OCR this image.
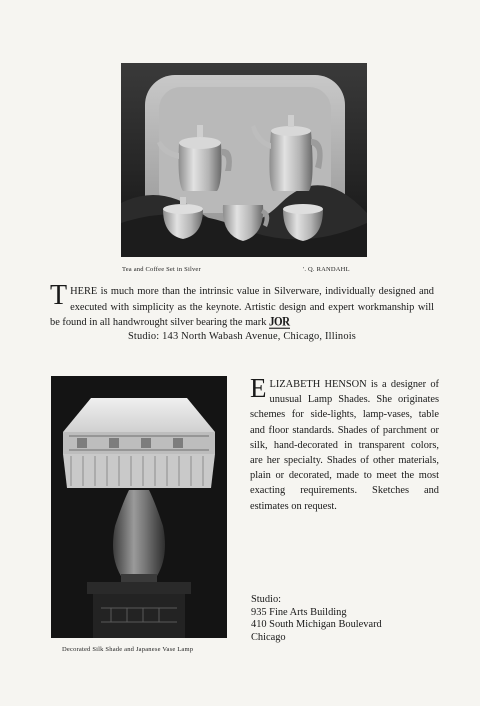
Tea and Coffee Set in Silver	'. Q. RANDAHL
THERE is much more than the intrinsic value in Silverware, individually designed and executed with simplicity as the keynote. Artistic design and expert workmanship will be found in all handwrought silver bearing the mark JOR
Studio: 143 North Wabash Avenue, Chicago, Illinois
Decorated Silk Shade and Japanese Vase Lamp
ELIZABETH HENSON is a designer of unusual Lamp Shades. She originates schemes for side-lights, lamp-vases, table and floor standards. Shades of parchment or silk, hand-decorated in transparent colors, are her specialty. Shades of other materials, plain or decorated, made to meet the most exacting requirements. Sketches and estimates on request.
Studio:
935 Fine Arts Building
410 South Michigan Boulevard
Chicago
